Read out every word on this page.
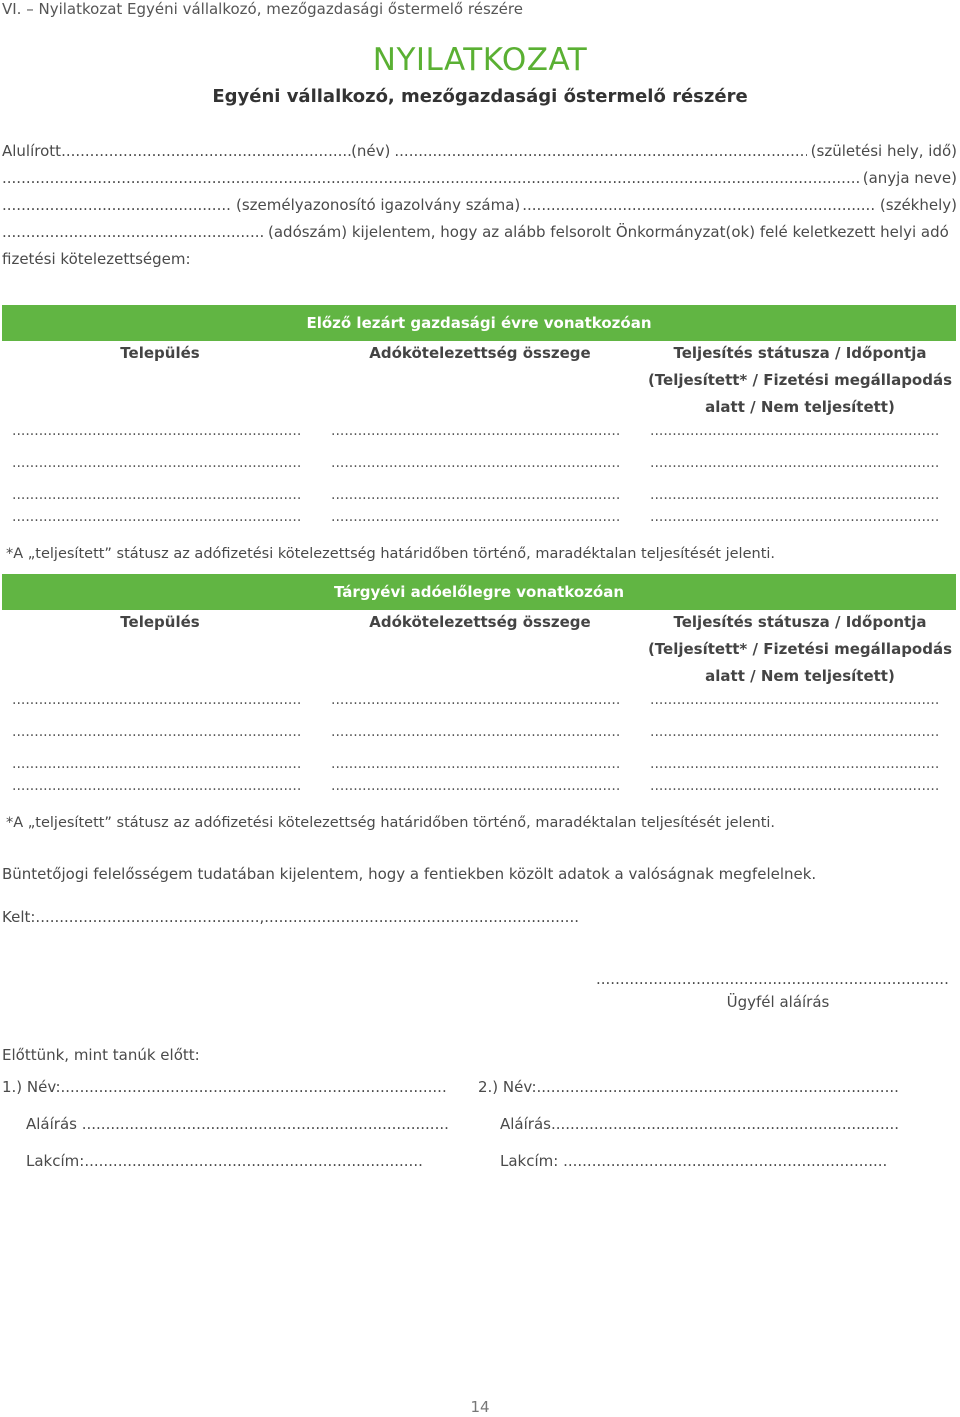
VI. – Nyilatkozat Egyéni vállalkozó, mezőgazdasági őstermelő részére
NYILATKOZAT
Egyéni vállalkozó, mezőgazdasági őstermelő részére
Alulírott .....	(név) .....	(születési hely, idő)
.....
(anyja neve)
.....
(személyazonosító igazolvány száma) .....	(székhely)
.....
(adószám) kijelentem, hogy az alább felsorolt Önkormányzat(ok) felé keletkezett helyi adó
fizetési kötelezettségem:
Előző lezárt gazdasági évre vonatkozóan
Település	Adókötelezettség összege	Teljesítés státusza / Időpontja
(Teljesített* / Fizetési megállapodás
alatt / Nem teljesített)
.................................................................	.................................................................	.................................................................
.................................................................	.................................................................	.................................................................
.................................................................	.................................................................	.................................................................
.................................................................	.................................................................	.................................................................
*A „teljesített” státusz az adófizetési kötelezettség határidőben történő, maradéktalan teljesítését jelenti.
Tárgyévi adóelőlegre vonatkozóan
Település	Adókötelezettség összege	Teljesítés státusza / Időpontja
(Teljesített* / Fizetési megállapodás
alatt / Nem teljesített)
.................................................................	.................................................................	.................................................................
.................................................................	.................................................................	.................................................................
.................................................................	.................................................................	.................................................................
.................................................................	.................................................................	.................................................................
*A „teljesített” státusz az adófizetési kötelezettség határidőben történő, maradéktalan teljesítését jelenti.
Büntetőjogi felelősségem tudatában kijelentem, hogy a fentiekben közölt adatok a valóságnak megfelelnek.
Kelt:...............................................,..................................................................
..........................................................................
Ügyfél aláírás
Előttünk, mint tanúk előtt:
1.) Név:................................................................................. 2.) Név:............................................................................
Aláírás .............................................................................	Aláírás.........................................................................
Lakcím:.......................................................................	Lakcím: ....................................................................
14
